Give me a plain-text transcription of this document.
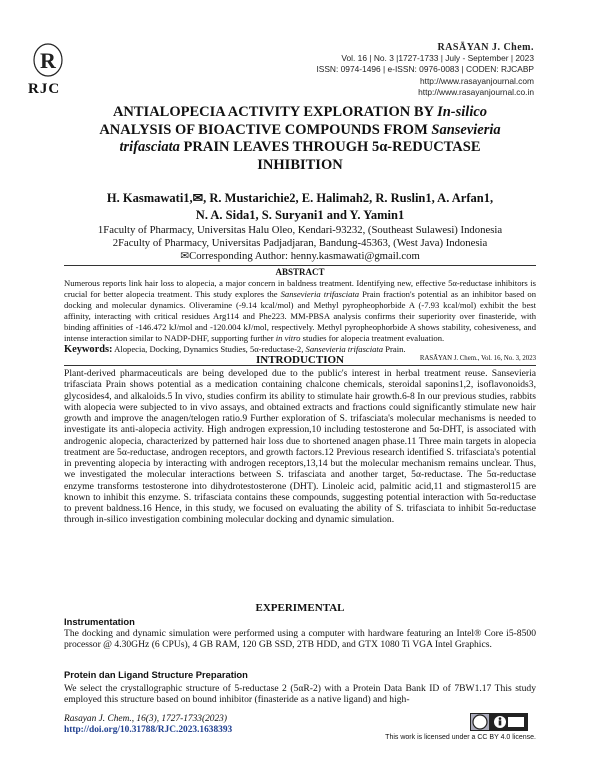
R
RJC
RASĀYAN J. Chem.
Vol. 16 | No. 3 |1727-1733 | July - September | 2023
ISSN: 0974-1496 | e-ISSN: 0976-0083 | CODEN: RJCABP
http://www.rasayanjournal.com
http://www.rasayanjournal.co.in
ANTIALOPECIA ACTIVITY EXPLORATION BY In-silico
ANALYSIS OF BIOACTIVE COMPOUNDS FROM Sansevieria
trifasciata PRAIN LEAVES THROUGH 5α-REDUCTASE
INHIBITION
H. Kasmawati1,✉, R. Mustarichie2, E. Halimah2, R. Ruslin1, A. Arfan1,
N. A. Sida1, S. Suryani1 and Y. Yamin1
1Faculty of Pharmacy, Universitas Halu Oleo, Kendari-93232, (Southeast Sulawesi) Indonesia
2Faculty of Pharmacy, Universitas Padjadjaran, Bandung-45363, (West Java) Indonesia
✉Corresponding Author: henny.kasmawati@gmail.com
ABSTRACT
Numerous reports link hair loss to alopecia, a major concern in baldness treatment. Identifying new, effective 5α-reductase inhibitors is crucial for better alopecia treatment. This study explores the Sansevieria trifasciata Prain fraction's potential as an inhibitor based on docking and molecular dynamics. Oliveramine (-9.14 kcal/mol) and Methyl pyropheophorbide A (-7.93 kcal/mol) exhibit the best affinity, interacting with critical residues Arg114 and Phe223. MM-PBSA analysis confirms their superiority over finasteride, with binding affinities of -146.472 kJ/mol and -120.004 kJ/mol, respectively. Methyl pyropheophorbide A shows stability, cohesiveness, and intense interaction similar to NADP-DHF, supporting further in vitro studies for alopecia treatment evaluation.
Keywords: Alopecia, Docking, Dynamics Studies, 5α-reductase-2, Sansevieria trifasciata Prain.
RASĀYAN J. Chem., Vol. 16, No. 3, 2023
INTRODUCTION
Plant-derived pharmaceuticals are being developed due to the public's interest in herbal treatment reuse. Sansevieria trifasciata Prain shows potential as a medication containing chalcone chemicals, steroidal saponins1,2, isoflavonoids3, glycosides4, and alkaloids.5 In vivo, studies confirm its ability to stimulate hair growth.6-8 In our previous studies, rabbits with alopecia were subjected to in vivo assays, and obtained extracts and fractions could significantly stimulate new hair growth and improve the anagen/telogen ratio.9 Further exploration of S. trifasciata's molecular mechanisms is needed to investigate its anti-alopecia activity. High androgen expression,10 including testosterone and 5α-DHT, is associated with androgenic alopecia, characterized by patterned hair loss due to shortened anagen phase.11 Three main targets in alopecia treatment are 5α-reductase, androgen receptors, and growth factors.12 Previous research identified S. trifasciata's potential in preventing alopecia by interacting with androgen receptors,13,14 but the molecular mechanism remains unclear. Thus, we investigated the molecular interactions between S. trifasciata and another target, 5α-reductase. The 5α-reductase enzyme transforms testosterone into dihydrotestosterone (DHT). Linoleic acid, palmitic acid,11 and stigmasterol15 are known to inhibit this enzyme. S. trifasciata contains these compounds, suggesting potential interaction with 5α-reductase to prevent baldness.16 Hence, in this study, we focused on evaluating the ability of S. trifasciata to inhibit 5α-reductase through in-silico investigation combining molecular docking and dynamic simulation.
EXPERIMENTAL
Instrumentation
The docking and dynamic simulation were performed using a computer with hardware featuring an Intel® Core i5-8500 processor @ 4.30GHz (6 CPUs), 4 GB RAM, 120 GB SSD, 2TB HDD, and GTX 1080 Ti VGA Intel Graphics.
Protein dan Ligand Structure Preparation
We select the crystallographic structure of 5-reductase 2 (5αR-2) with a Protein Data Bank ID of 7BW1.17 This study employed this structure based on bound inhibitor (finasteride as a native ligand) and high-
Rasayan J. Chem., 16(3), 1727-1733(2023)
http://doi.org/10.31788/RJC.2023.1638393
This work is licensed under a CC BY 4.0 license.
